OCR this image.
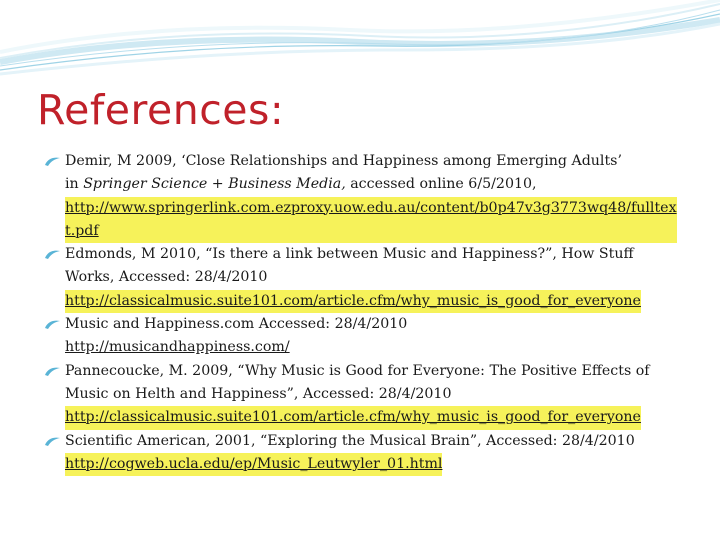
References:
Demir, M 2009, ‘Close Relationships and Happiness among Emerging Adults’
in Springer Science + Business Media, accessed online 6/5/2010,
http://www.springerlink.com.ezproxy.uow.edu.au/content/b0p47v3g3773wq48/fulltext.pdf
Edmonds, M 2010, “Is there a link between Music and Happiness?”, How Stuff Works, Accessed: 28/4/2010
http://classicalmusic.suite101.com/article.cfm/why_music_is_good_for_everyone
Music and Happiness.com Accessed: 28/4/2010
http://musicandhappiness.com/
Pannecoucke, M. 2009, “Why Music is Good for Everyone: The Positive Effects of Music on Helth and Happiness”, Accessed: 28/4/2010
http://classicalmusic.suite101.com/article.cfm/why_music_is_good_for_everyone
Scientific American, 2001, “Exploring the Musical Brain”, Accessed: 28/4/2010
http://cogweb.ucla.edu/ep/Music_Leutwyler_01.html
